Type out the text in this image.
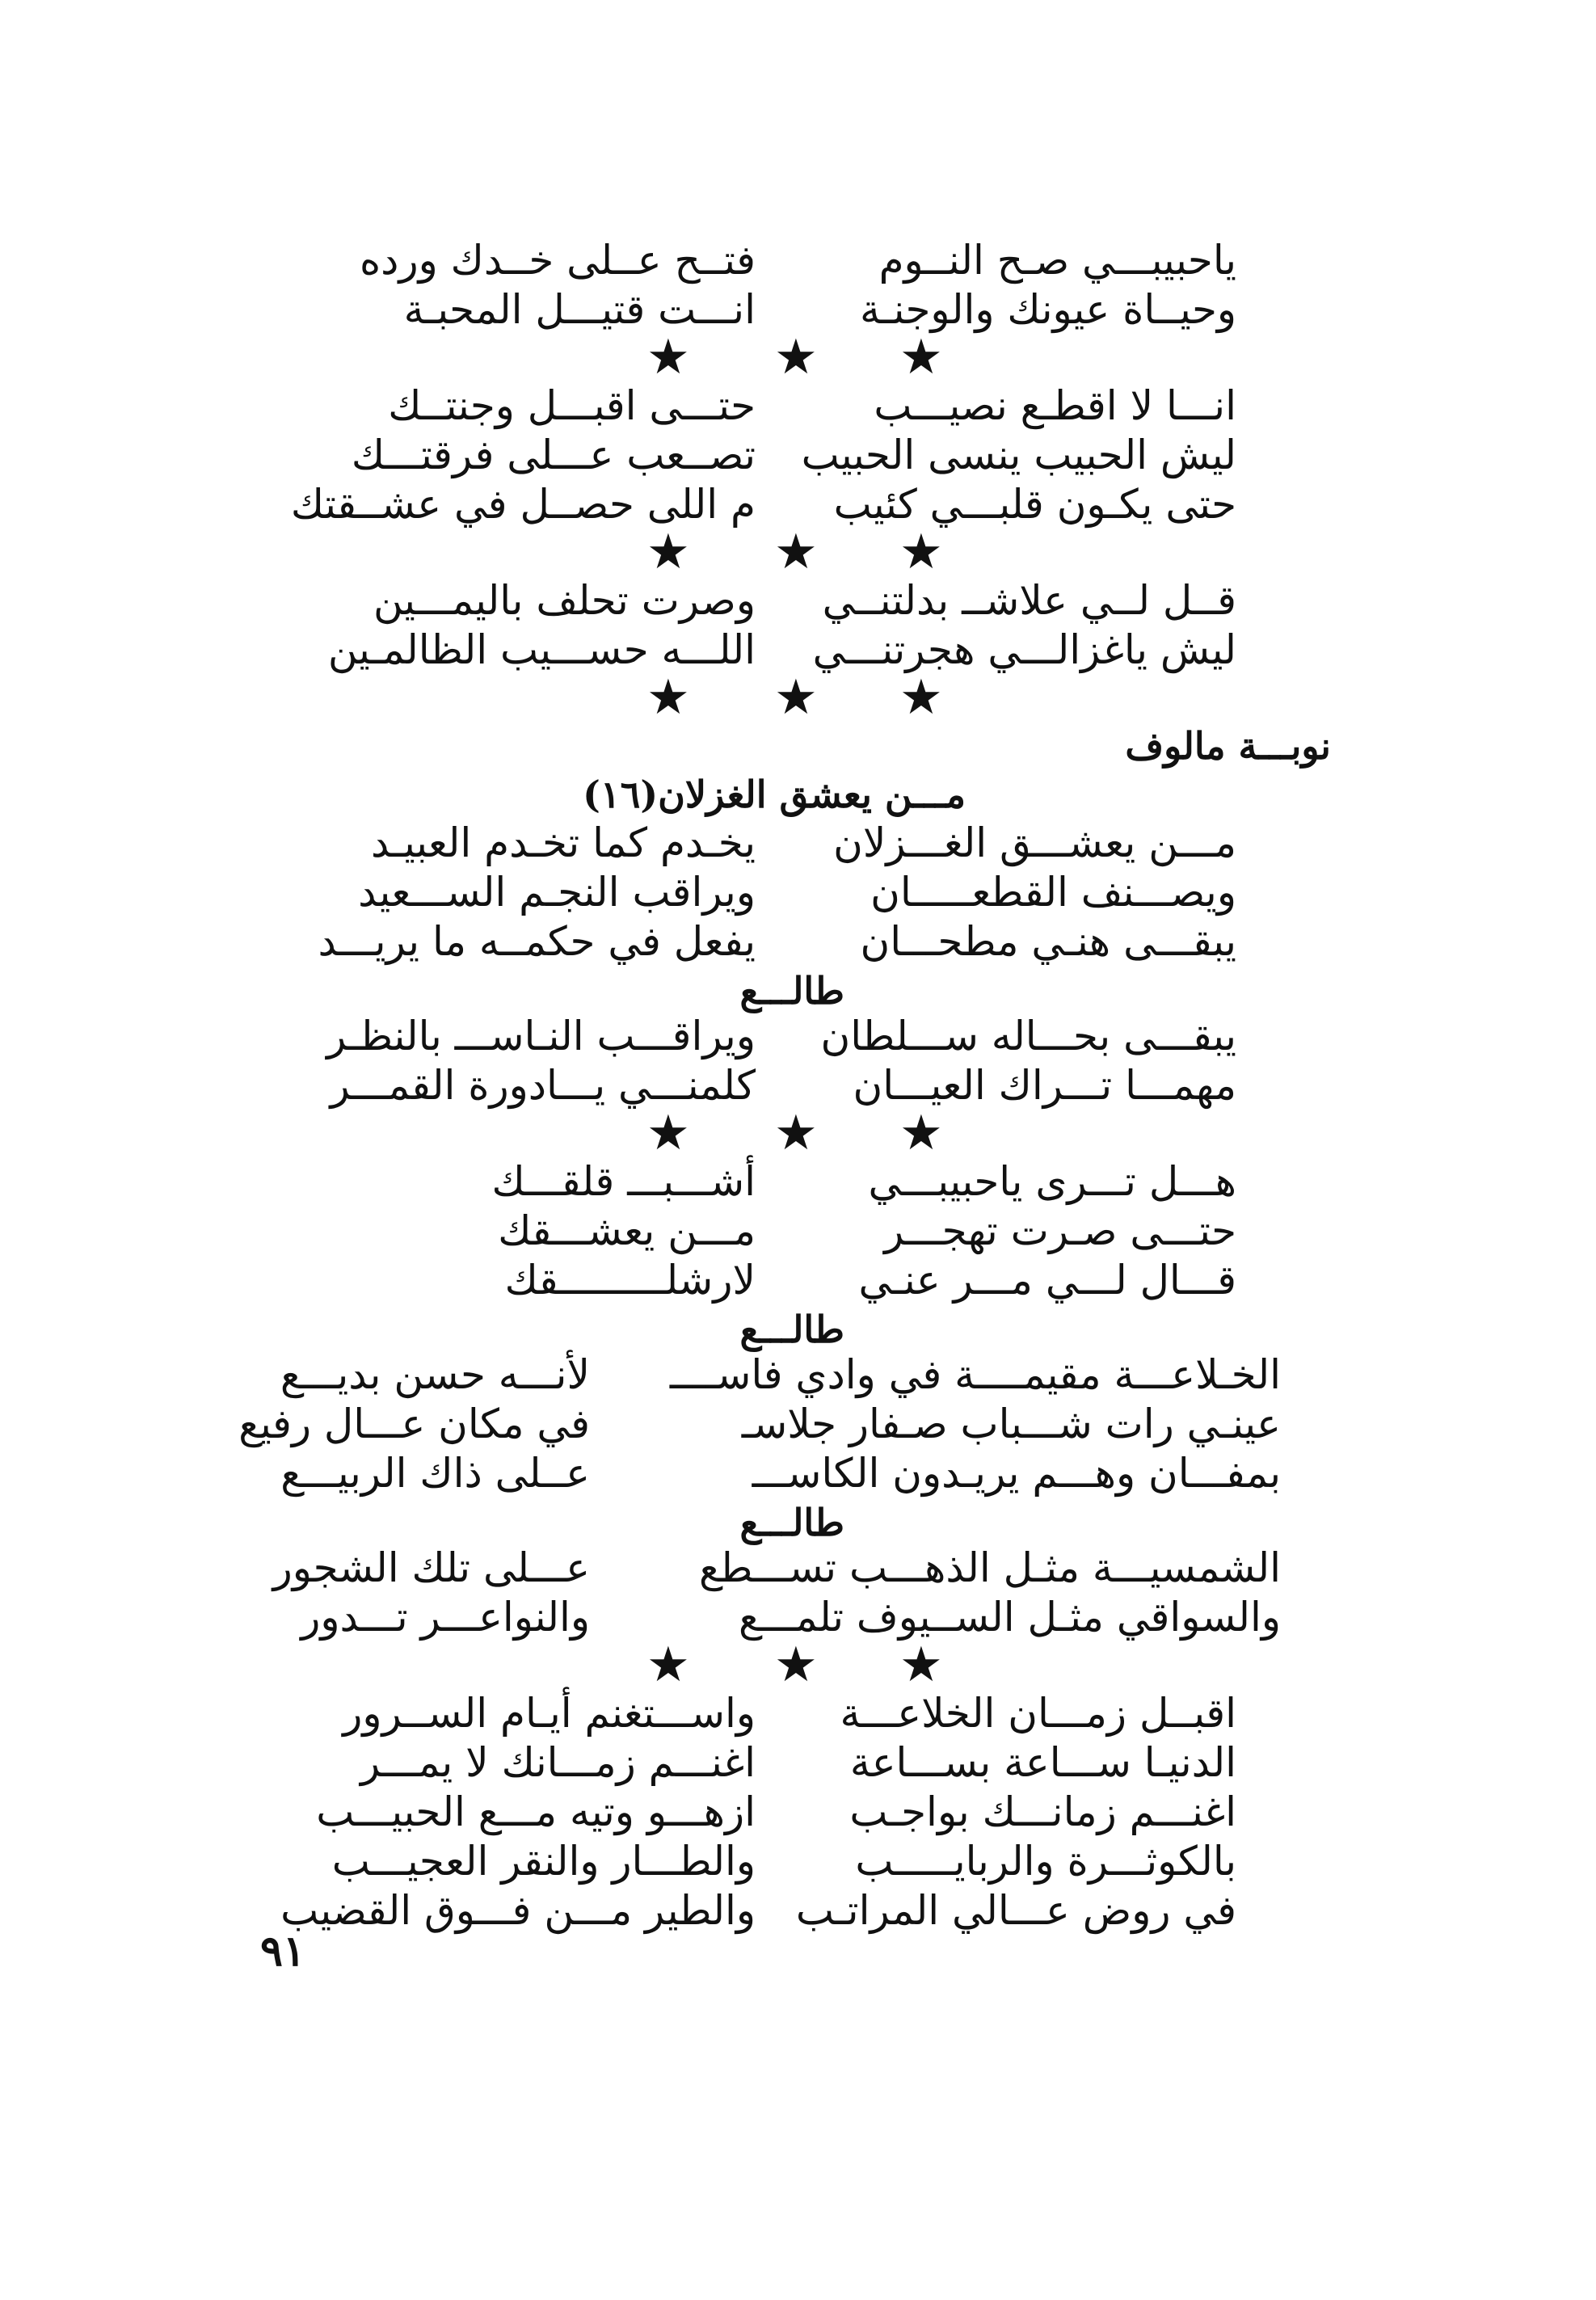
ياحبيبـــي صـح النــوم
فتــح عــلى خــدك ورده
وحيــاة عيونك والوجنـة
انـــت قتيـــل المحبـة
★
★
★
انـــا لا اقطـع نصيـــب
حتـــى اقبـــل وجنتــك
ليش الحبيب ينسى الحبيب
تصــعب عـــلى فرقتـــك
حتى يكـون قلبـــي كئيب
م اللى حصــل في عشــقتك
★
★
★
قــل لــي علاشــ بدلتنــي
وصرت تحلف باليمـــين
ليش ياغزالـــي هجرتنـــي
اللـــه حســـيب الظالمـين
★
★
★
نوبـــة مالوف
مـــن يعشق الغزلان(١٦)
مـــن يعشـــق الغـــزلان
يخـدم كما تخـدم العبيـد
ويصـــنف القطعـــــان
ويراقب النجـم الســـعيد
يبقـــى هنـي مطحـــان
يفعل في حكمــه ما يريـــد
طالـــع
يبقـــى بحـــاله ســـلطان
ويراقـــب النـاســـ بالنظـر
مهمـــا تـــراك العيـــان
كلمنـــي يـــادورة القمـــر
★
★
★
هـــل تـــرى ياحبيبـــي
أشـــبـــ قلقـــك
حتـــى صـرت تهجـــر
مـــن يعشـــقك
قـــال لـــي مـــر عنـي
لارشلـــــــــقك
طالـــع
الخـلاعـــة مقيمــــة في وادي فاســــ
لأنـــه حسن بديـــع
عينـي رات شـــباب صـفار جلاسـ
في مكان عـــال رفيع
بمفـــان وهـــم يريـدون الكاســـ
عــلى ذاك الربيـــع
طالـــع
الشمسيـــة مثـل الذهـــب تســـطع
عـــلى تلك الشجور
والسواقي مثـل الســيوف تلمـــع
والنواعـــر تـــدور
★
★
★
اقبــل زمـــان الخلاعـــة
واســـتغنم أيـام الســرور
الدنيـا ســـاعة بســـاعة
اغنـــم زمـــانك لا يمـــر
اغنـــم زمانـــك بواجـب
ازهـــو وتيه مـــع الحبيـــب
بالكوثـــرة والربايـــــب
والطـــار والنقر العجيـــب
في روض عـــالي المراتـب
والطير مـــن فـــوق القضيب
٩١
